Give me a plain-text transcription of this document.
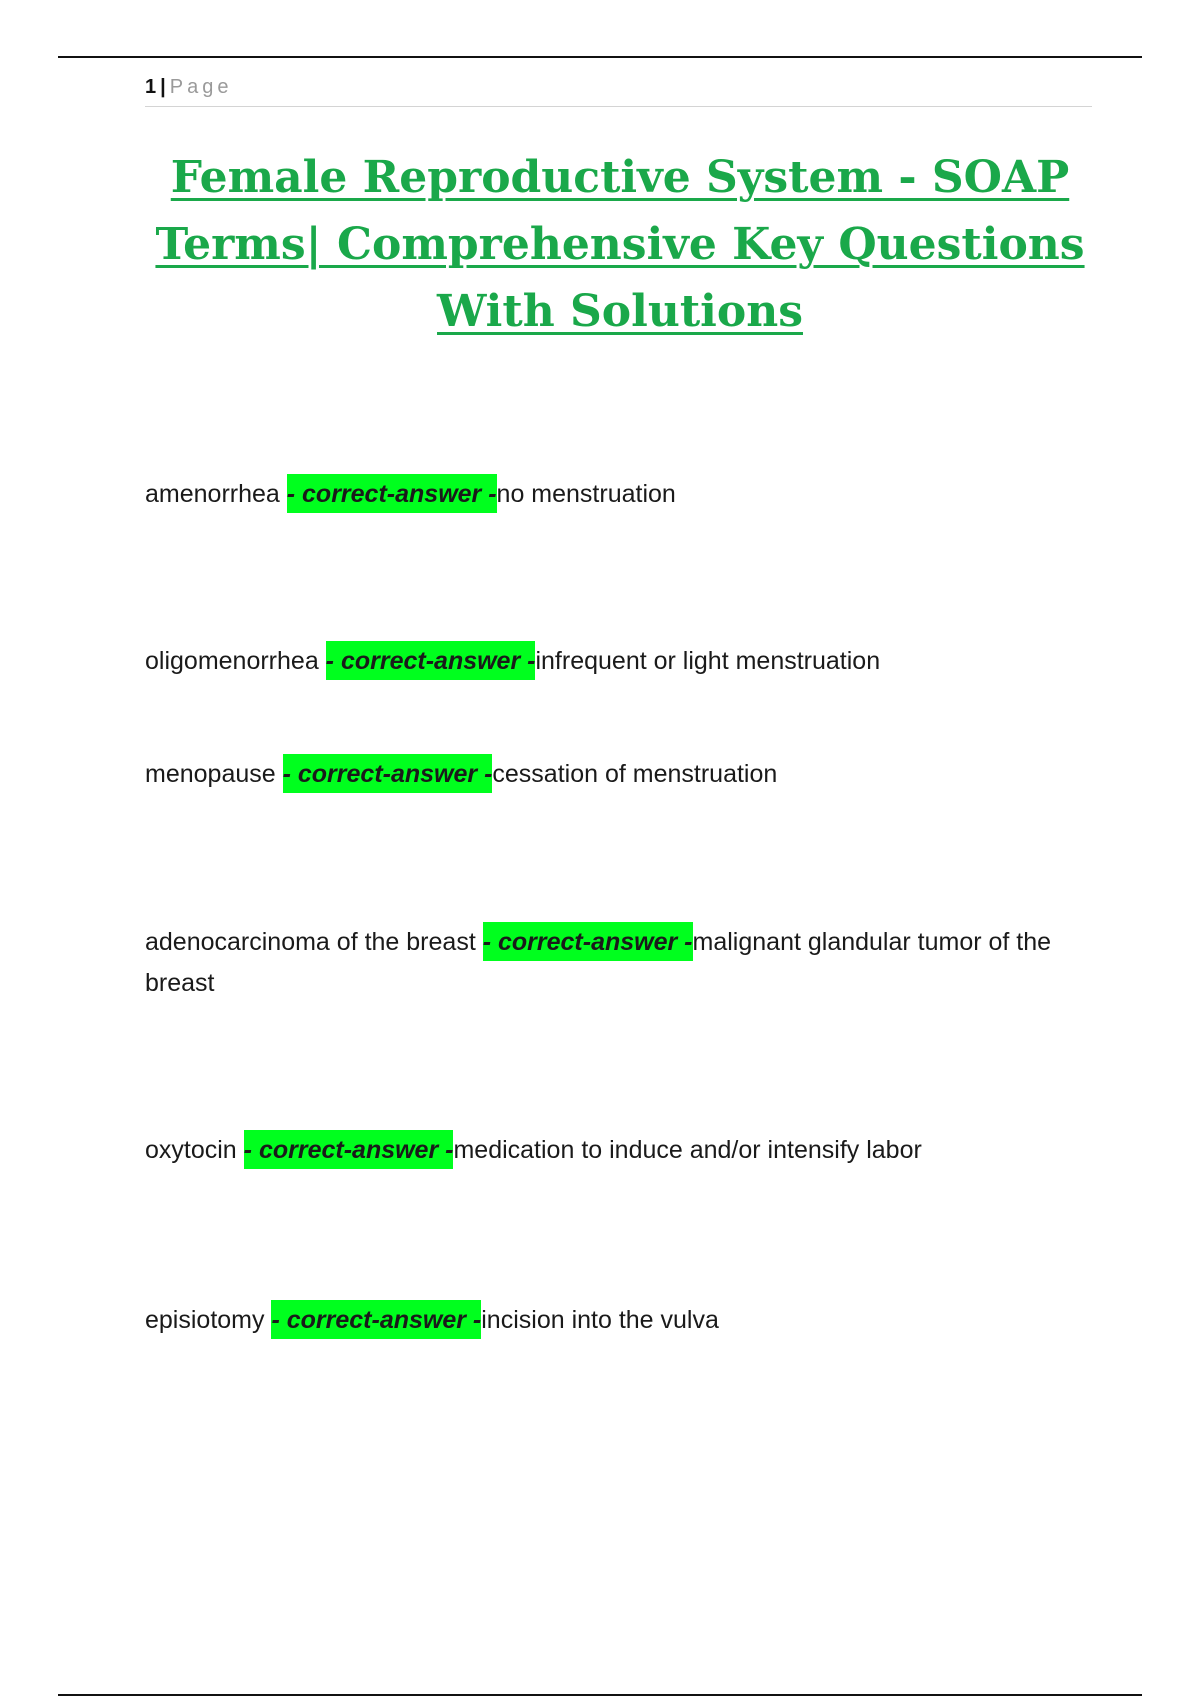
1 | Page
Female Reproductive System - SOAP Terms| Comprehensive Key Questions With Solutions
amenorrhea - correct-answer -no menstruation
oligomenorrhea - correct-answer -infrequent or light menstruation
menopause - correct-answer -cessation of menstruation
adenocarcinoma of the breast - correct-answer -malignant glandular tumor of the breast
oxytocin - correct-answer -medication to induce and/or intensify labor
episiotomy - correct-answer -incision into the vulva
